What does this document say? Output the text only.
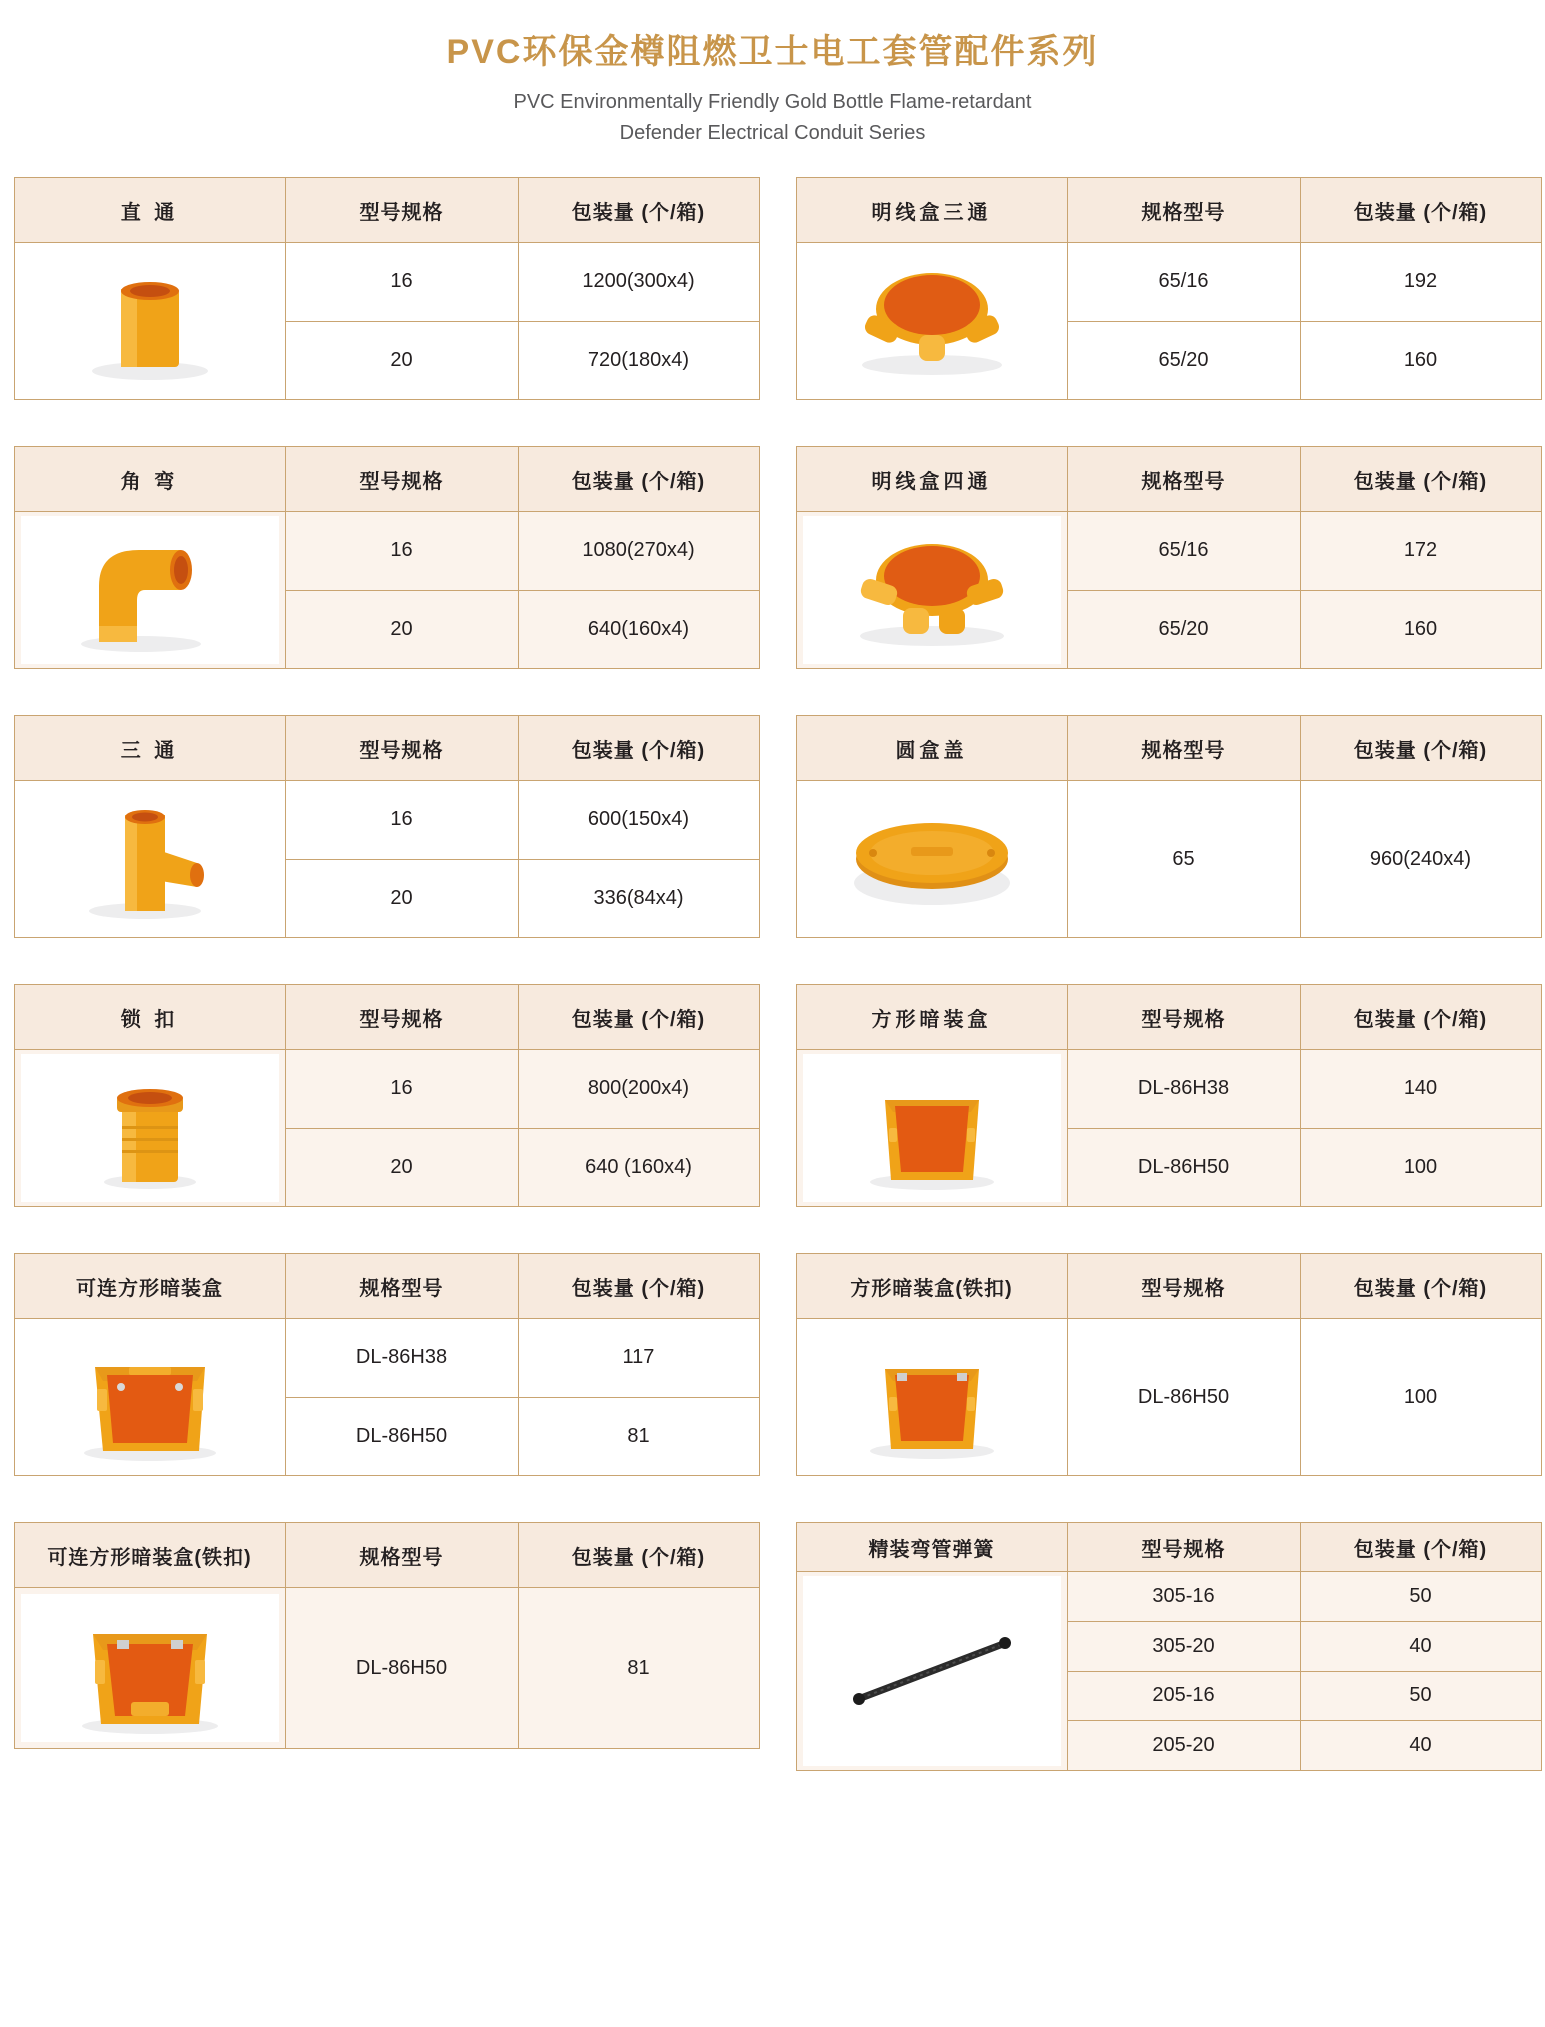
PVC环保金樽阻燃卫士电工套管配件系列
PVC Environmentally Friendly Gold Bottle Flame-retardant
Defender Electrical Conduit Series
直 通	型号规格	包装量 (个/箱)

	16	1200(300x4)
	20	720(180x4)
明线盒三通	规格型号	包装量 (个/箱)

	65/16	192
	65/20	160
角 弯	型号规格	包装量 (个/箱)

	16	1080(270x4)
	20	640(160x4)
明线盒四通	规格型号	包装量 (个/箱)

	65/16	172
	65/20	160
三 通	型号规格	包装量 (个/箱)

	16	600(150x4)
	20	336(84x4)
圆盒盖	规格型号	包装量 (个/箱)

	65	960(240x4)
锁 扣	型号规格	包装量 (个/箱)

	16	800(200x4)
	20	640 (160x4)
方形暗装盒	型号规格	包装量 (个/箱)

	DL-86H38	140
	DL-86H50	100
可连方形暗装盒	规格型号	包装量 (个/箱)

	DL-86H38	117
	DL-86H50	81
方形暗装盒(铁扣)	型号规格	包装量 (个/箱)

	DL-86H50	100
可连方形暗装盒(铁扣)	规格型号	包装量 (个/箱)

	DL-86H50	81
精装弯管弹簧	型号规格	包装量 (个/箱)

	305-16	50
	305-20	40
	205-16	50
	205-20	40
